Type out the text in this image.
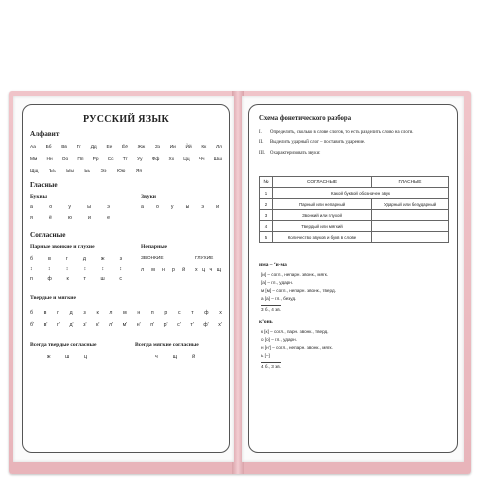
РУССКИЙ ЯЗЫК
Алфавит
Аа Бб Вв Гг Дд Ее Ёё Жж Зз Ии Йй Кк Лл
Мм Нн Оо Пп Рр Сс Тт Уу Фф Хх Цц Чч Шш
Щщ Ъъ Ыы Ьь Ээ Юю Яя
Гласные
Буквы	Звуки
а	о	у	ы	э
я	ё	ю	и	е
а о у ы э и
Согласные
Парные звонкие и глухие	Непарные
б	в	г	д	ж	з
↕	↕	↕	↕	↕	↕
п	ф	к	т	ш	с
ЗВОНКИЕ	ГЛУХИЕ
л м н р й х ц ч щ
Твердые и мягкие
б в г д з к л м н п р с т ф х
б' в' г' д' з' к' л' м' н' п' р' с' т' ф' х'
Всегда твердые согласные	Всегда мягкие согласные
ж	ш	ц	ч	щ	й
Схема фонетического разбора
I.	Определить, сколько в слове слогов, то есть разделить слово на слоги.
II.	Выделить ударный слог – поставить ударение.
III.	Охарактеризовать звуки:
№	СОГЛАСНЫЕ	ГЛАСНЫЕ
1	Какой буквой обозначен звук	
2	Парный или непарный	Ударный или безударный
3	Звонкий или глухой	
4	Твердый или мягкий	
5	Количество звуков и букв в слове	
има – ‘и-ма
[и] – согл., непарн. звонк., мягк.
[а] – гл., ударн.
м [м] – согл., непарн. звонк., тверд.
а [а] – гл., безуд.
3 б., 4 зв.
к’онь
к [к] – согл., парн. звонк., тверд.
о [о] – гл., ударн.
н [н’] – согл., непарн. звонк., мягк.
ь [–]
4 б., 3 зв.
